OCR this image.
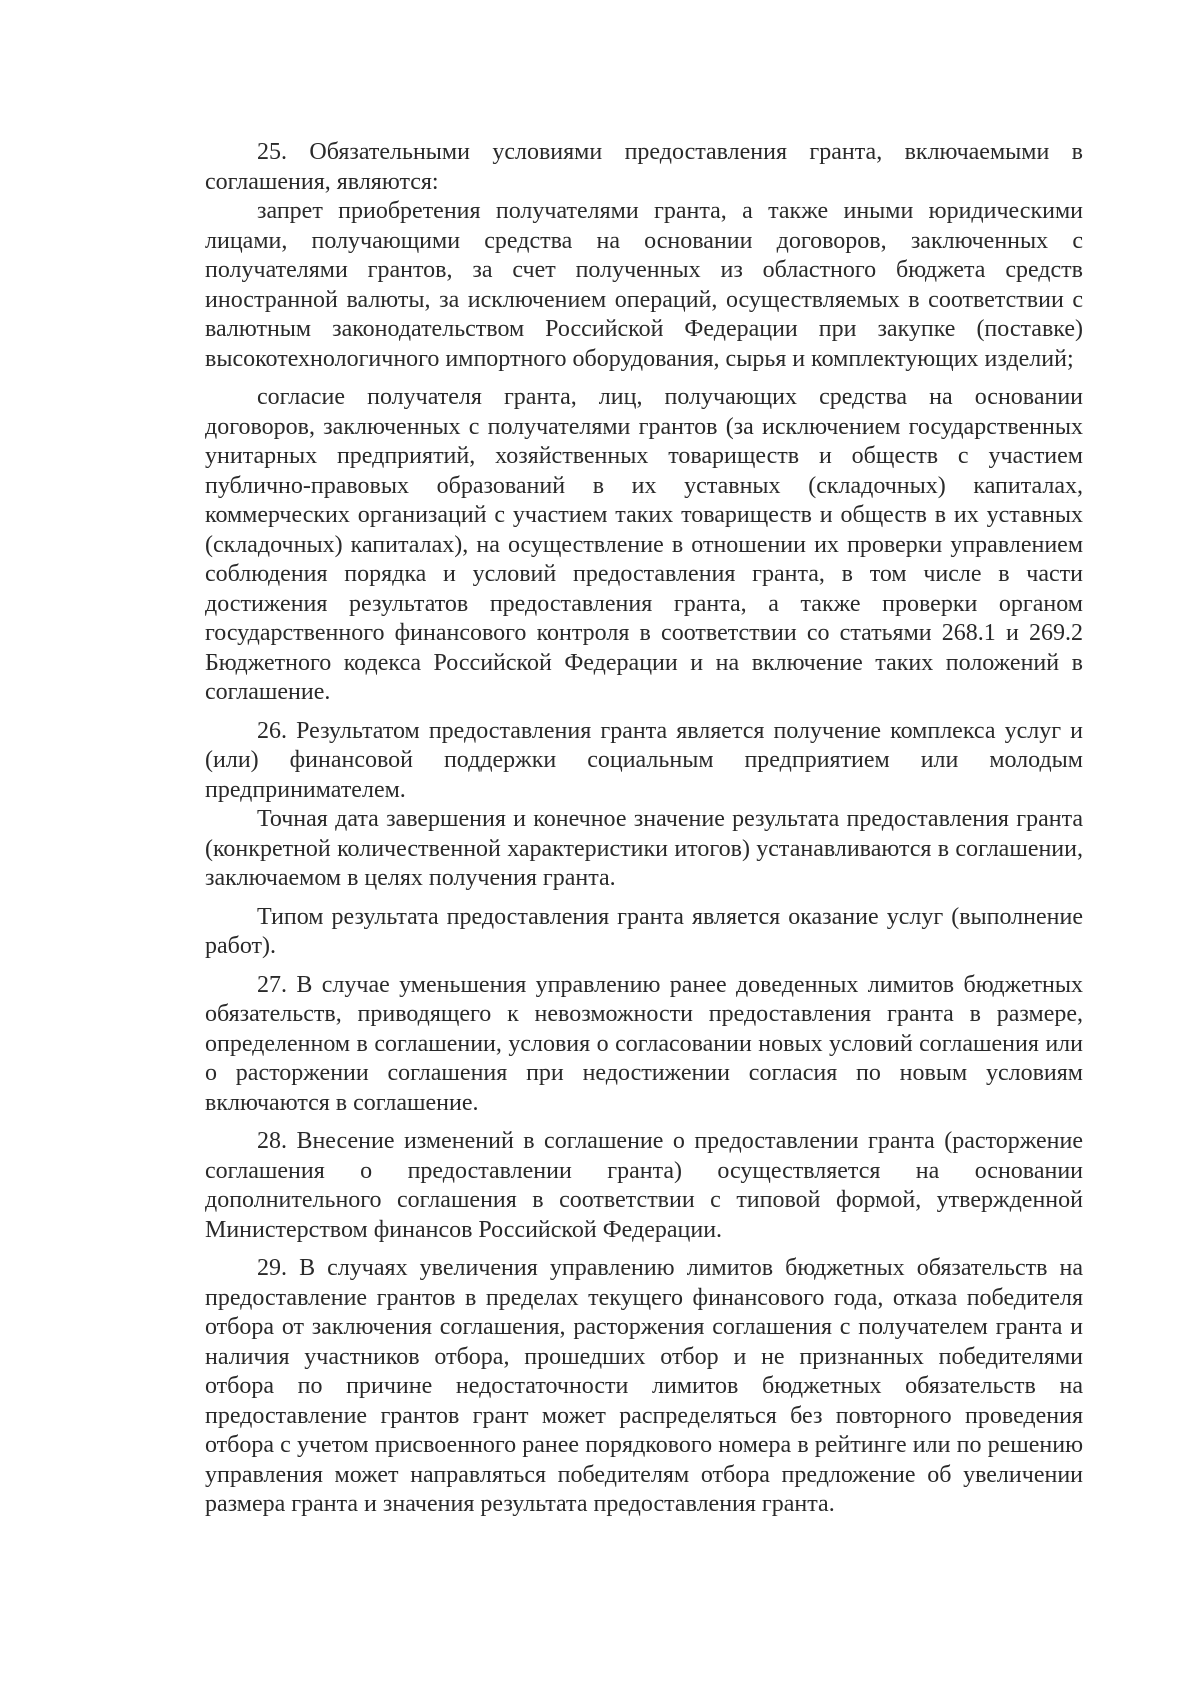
25. Обязательными условиями предоставления гранта, включаемыми в соглашения, являются:

запрет приобретения получателями гранта, а также иными юридическими лицами, получающими средства на основании договоров, заключенных с получателями грантов, за счет полученных из областного бюджета средств иностранной валюты, за исключением операций, осуществляемых в соответствии с валютным законодательством Российской Федерации при закупке (поставке) высокотехнологичного импортного оборудования, сырья и комплектующих изделий;

согласие получателя гранта, лиц, получающих средства на основании договоров, заключенных с получателями грантов (за исключением государственных унитарных предприятий, хозяйственных товариществ и обществ с участием публично-правовых образований в их уставных (складочных) капиталах, коммерческих организаций с участием таких товариществ и обществ в их уставных (складочных) капиталах), на осуществление в отношении их проверки управлением соблюдения порядка и условий предоставления гранта, в том числе в части достижения результатов предоставления гранта, а также проверки органом государственного финансового контроля в соответствии со статьями 268.1 и 269.2 Бюджетного кодекса Российской Федерации и на включение таких положений в соглашение.

26. Результатом предоставления гранта является получение комплекса услуг и (или) финансовой поддержки социальным предприятием или молодым предпринимателем.

Точная дата завершения и конечное значение результата предоставления гранта (конкретной количественной характеристики итогов) устанавливаются в соглашении, заключаемом в целях получения гранта.

Типом результата предоставления гранта является оказание услуг (выполнение работ).

27. В случае уменьшения управлению ранее доведенных лимитов бюджетных обязательств, приводящего к невозможности предоставления гранта в размере, определенном в соглашении, условия о согласовании новых условий соглашения или о расторжении соглашения при недостижении согласия по новым условиям включаются в соглашение.

28. Внесение изменений в соглашение о предоставлении гранта (расторжение соглашения о предоставлении гранта) осуществляется на основании дополнительного соглашения в соответствии с типовой формой, утвержденной Министерством финансов Российской Федерации.

29. В случаях увеличения управлению лимитов бюджетных обязательств на предоставление грантов в пределах текущего финансового года, отказа победителя отбора от заключения соглашения, расторжения соглашения с получателем гранта и наличия участников отбора, прошедших отбор и не признанных победителями отбора по причине недостаточности лимитов бюджетных обязательств на предоставление грантов грант может распределяться без повторного проведения отбора с учетом присвоенного ранее порядкового номера в рейтинге или по решению управления может направляться победителям отбора предложение об увеличении размера гранта и значения результата предоставления гранта.
